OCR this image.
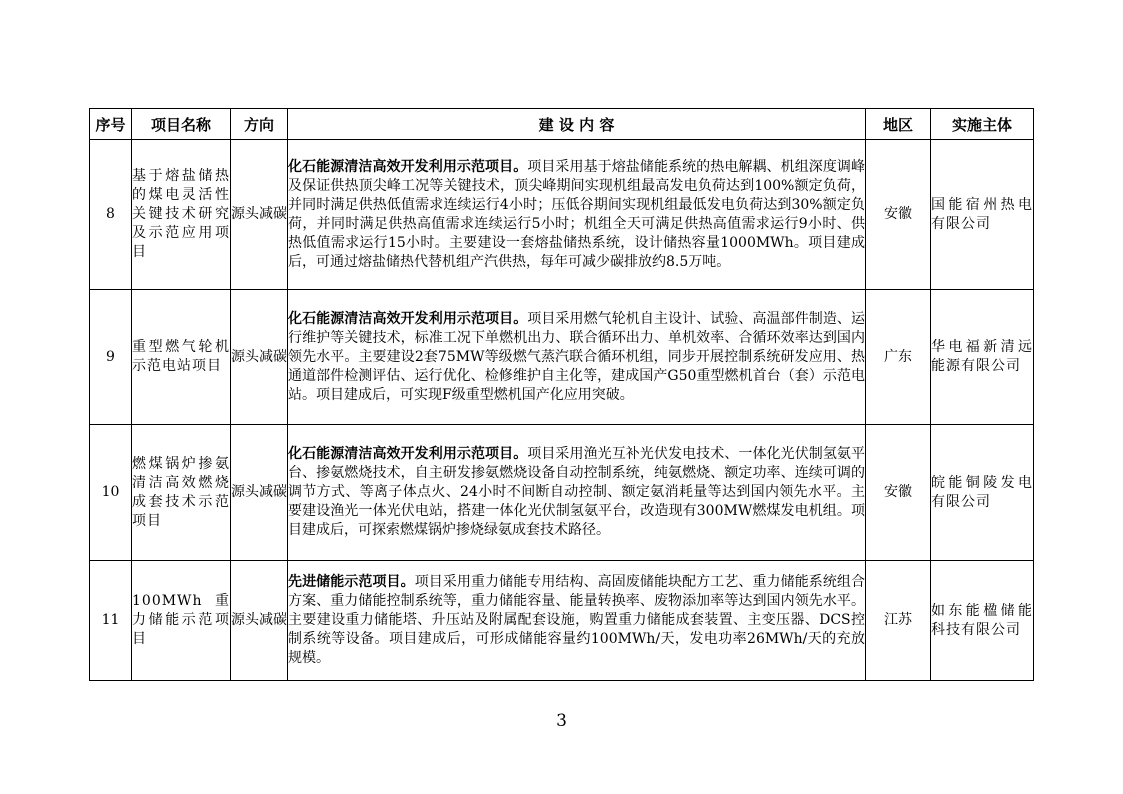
序号	项目名称	方向	建 设 内 容	地区	实施主体
8	基于熔盐储热的煤电灵活性关键技术研究及示范应用项目	源头减碳	化石能源清洁高效开发利用示范项目。项目采用基于熔盐储能系统的热电解耦、机组深度调峰及保证供热顶尖峰工况等关键技术，顶尖峰期间实现机组最高发电负荷达到100%额定负荷，并同时满足供热低值需求连续运行4小时；压低谷期间实现机组最低发电负荷达到30%额定负荷，并同时满足供热高值需求连续运行5小时；机组全天可满足供热高值需求运行9小时、供热低值需求运行15小时。主要建设一套熔盐储热系统，设计储热容量1000MWh。项目建成后，可通过熔盐储热代替机组产汽供热，每年可减少碳排放约8.5万吨。	安徽	国能宿州热电有限公司
9	重型燃气轮机示范电站项目	源头减碳	化石能源清洁高效开发利用示范项目。项目采用燃气轮机自主设计、试验、高温部件制造、运行维护等关键技术，标准工况下单燃机出力、联合循环出力、单机效率、合循环效率达到国内领先水平。主要建设2套75MW等级燃气蒸汽联合循环机组，同步开展控制系统研发应用、热通道部件检测评估、运行优化、检修维护自主化等，建成国产G50重型燃机首台（套）示范电站。项目建成后，可实现F级重型燃机国产化应用突破。	广东	华电福新清远能源有限公司
10	燃煤锅炉掺氨清洁高效燃烧成套技术示范项目	源头减碳	化石能源清洁高效开发利用示范项目。项目采用渔光互补光伏发电技术、一体化光伏制氢氨平台、掺氨燃烧技术，自主研发掺氨燃烧设备自动控制系统，纯氨燃烧、额定功率、连续可调的调节方式、等离子体点火、24小时不间断自动控制、额定氨消耗量等达到国内领先水平。主要建设渔光一体光伏电站，搭建一体化光伏制氢氨平台，改造现有300MW燃煤发电机组。项目建成后，可探索燃煤锅炉掺烧绿氨成套技术路径。	安徽	皖能铜陵发电有限公司
11	100MWh重力储能示范项目	源头减碳	先进储能示范项目。项目采用重力储能专用结构、高固废储能块配方工艺、重力储能系统组合方案、重力储能控制系统等，重力储能容量、能量转换率、废物添加率等达到国内领先水平。主要建设重力储能塔、升压站及附属配套设施，购置重力储能成套装置、主变压器、DCS控制系统等设备。项目建成后，可形成储能容量约100MWh/天，发电功率26MWh/天的充放规模。	江苏	如东能楹储能科技有限公司
3
